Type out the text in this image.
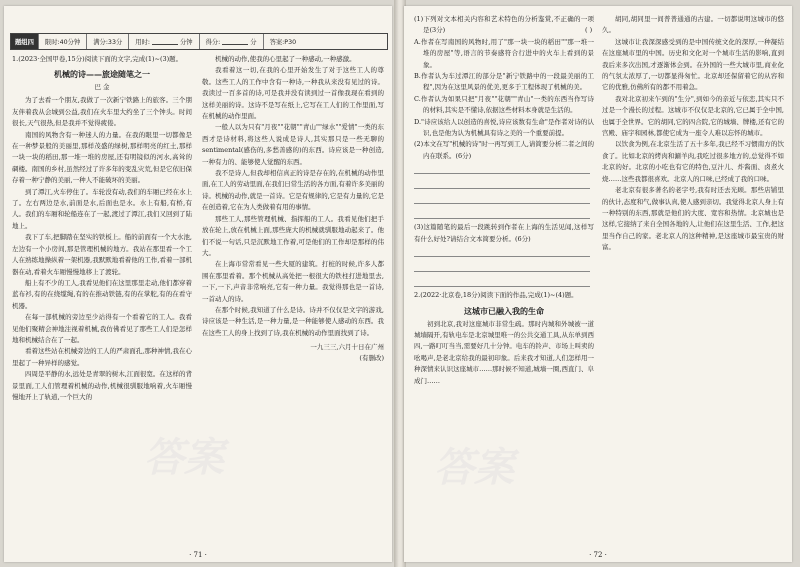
题组四	限时:40分钟	满分:33分	用时:	分钟 得分:	分	答案:P30

1.(2023·全国甲卷,15分)阅读下面的文字,完成(1)~(3)题。

机械的诗——旅途随笔之一
巴 金

为了去看一个朋友,我做了一次新宁铁路上的旅客。三个朋友伴着我从会城到公益,我们在火车里大约坐了三个钟头。时间很长,天气很热,但是我并不觉得疲倦。

南国的风物含有一种迷人的力量。在我的眼里一切都像是在一种梦景般的美丽里,那样茂盛的绿树,那样明亮的红土,那样一块一块的稻田,那一堆一堆的房屋,还有明镜似的河水,高耸的碉楼。南国的乡村,虽然经过了许多年的变乱灾荒,但是它依旧保存着一种宁静的美丽,一种人不能破坏的美丽。

到了潭江,火车停住了。车轮没有动,我们的车厢已经在水上了。左右两边是水,前面是水,后面也是水。水上有船,有桥,有人。我们的车厢和轮船连在了一起,渡过了潭江,我们又回到了陆地上。

我下了车,把脚踏在坚实的铁板上。船的前面有一个大水池,左边有一个小房间,那是管理机械的地方。我站在那里看一个工人在熟练地操纵着一架机器,我默默地看着他的工作,看着一部机器在动,看着火车厢慢慢地移上了渡轮。

船上有不少的工人,我看见他们在这里那里走动,他们都穿着蓝布衫,有的在绕缆绳,有的在推动铁链,有的在掌舵,有的在看守机器。

在每一部机械的旁边至少站得有一个看着它的工人。我看见他们聚精会神地注视着机械,我仿佛看见了那些工人们是怎样地和机械结合在了一起。

看着这些站在机械旁边的工人的严肃面孔,那种神情,我在心里起了一种异样的感觉。

四周是平静的水,远处是青翠的树木,江面很宽。在这样的背景里面,工人们管理着机械的动作,机械很驯服地响着,火车厢慢慢地开上了轨道,一个巨大的

机械的动作,使我的心里起了一种感动,一种感激。

我看着这一切,在我的心里开始发生了对于这些工人的尊敬。这些工人的工作中含有一种诗,一种我从来没有见过的诗。我读过一百多首的诗,可是我并没有读到过一首像我现在看到的这样美丽的诗。这诗不是写在纸上,它写在工人们的工作里面,写在机械的动作里面。

一般人以为只有"月夜""花朝""青山""绿水""爱情"一类的东西才是诗材料,将这些人说成是诗人,其实那只是一些无聊的sentimental(感伤的,多愁善感的)的东西。诗应该是一种创造,一种有力的、能够使人觉醒的东西。

我不是诗人,但我却相信真正的诗是存在的,在机械的动作里面,在工人的劳动里面,在我们日常生活的各方面,有着许多美丽的诗。机械的动作,就是一首诗。它是有规律的,它是有力量的,它是在创造着,它在为人类做着有用的事情。

那些工人,那些管理机械、指挥船的工人。我看见他们把手放在轮上,放在机械上面,那些庞大的机械就驯服地动起来了。他们不说一句话,只是沉默地工作着,可是他们的工作却是那样的伟大。

在上海市常常看见一些大厦的建筑。打桩的时候,许多人都围在那里看着。那个机械从高处把一根很大的铁柱打进地里去,一下,一下,声音非常响亮,它有一种力量。我觉得那也是一首诗,一首动人的诗。

在那个时候,我知道了什么是诗。诗并不仅仅是文字的游戏,诗应该是一种生活,是一种力量,是一种能够使人感动的东西。我在这些工人的身上找到了诗,我在机械的动作里面找到了诗。

一九三三,六月十日在广州
(有删改)
答案
· 71 ·

(1)下列对文本相关内容和艺术特色的分析鉴赏,不正确的一项是(3分)	( )

A.作者在写南国的风物时,用了"那一块一块的稻田""那一堆一堆的房屋"等,语言的节奏感符合行进中的火车上看到的景象。

B.作者认为车过潭江的部分是"新宁铁路中的一段最美丽的工程",因为在这里风景的优美,更多于工程体现了机械的美。

C.作者认为如果只把"月夜""花朝""青山"一类的东西当作写诗的材料,其实是不懂诗,依据这些材料本身就是生活的。

D."诗应该给人以创造的喜悦,诗应该数有生命"是作者对诗的认识,也是他为认为机械具有诗之美的一个重要前提。

(2)本文在写"机械的诗"时一再写到工人,请简要分析二者之间的内在联系。(6分)

(3)这篇随笔的最后一段跳转到作者在上海的生活见闻,这样写有什么好处?请结合文本简要分析。(6分)

2.(2022·北京卷,18分)阅读下面的作品,完成(1)~(4)题。

这城市已融入我的生命

初到北京,我对这座城市非常生疏。那时内城和外城被一道城墙隔开,有轨电车是北京城里唯一的公共交通工具,从东单到西四,一路叮叮当当,需要好几十分钟。电车的铃声、市场上叫卖的吆喝声,是老北京给我的最初印象。后来我才知道,人们怎样用一种深情来认识这座城市……那时候不知道,城墙一圈,西直门、阜成门……

胡同,胡同里一间普普通通的古建。一切都说明这城市的悠久。

这城市让我深深感受到的是中国传统文化的深厚,一种凝结在这座城市里的中国。历史和文化对一个城市生活的影响,直到我后来多次出国,才逐渐体会到。在外国的一些大城市里,商业化的气氛太浓厚了,一切都显得匆忙。北京却还保留着它的从容和它的优雅,仿佛所有的都不用着急。

我对北京初来乍到的"生分",到如今的亲近与依恋,其实只不过是一个漫长的过程。这城市不仅仅是北京的,它已属于全中国,也属于全世界。它的胡同,它的四合院,它的城墙、牌楼,还有它的宫殿、庙宇和园林,都使它成为一座令人难以忘怀的城市。

以饮食为例,在北京生活了五十多年,我已经不习惯南方的饮食了。比如北京的烤肉和涮羊肉,我吃过很多地方的,总觉得不如北京的好。北京的小吃也有它的特色,豆汁儿、炸酱面、卤煮火烧……这些我都很喜欢。北京人的口味,已经成了我的口味。

老北京有很多著名的老字号,我有时还去光顾。那些店铺里的伙计,态度和气,做事认真,使人感到亲切。我觉得北京人身上有一种特别的东西,那就是他们的大度、宽容和热情。北京城也是这样,它接纳了来自全国各地的人,让他们在这里生活、工作,把这里当作自己的家。老北京人的这种精神,是这座城市最宝贵的财富。

答案
· 72 ·
